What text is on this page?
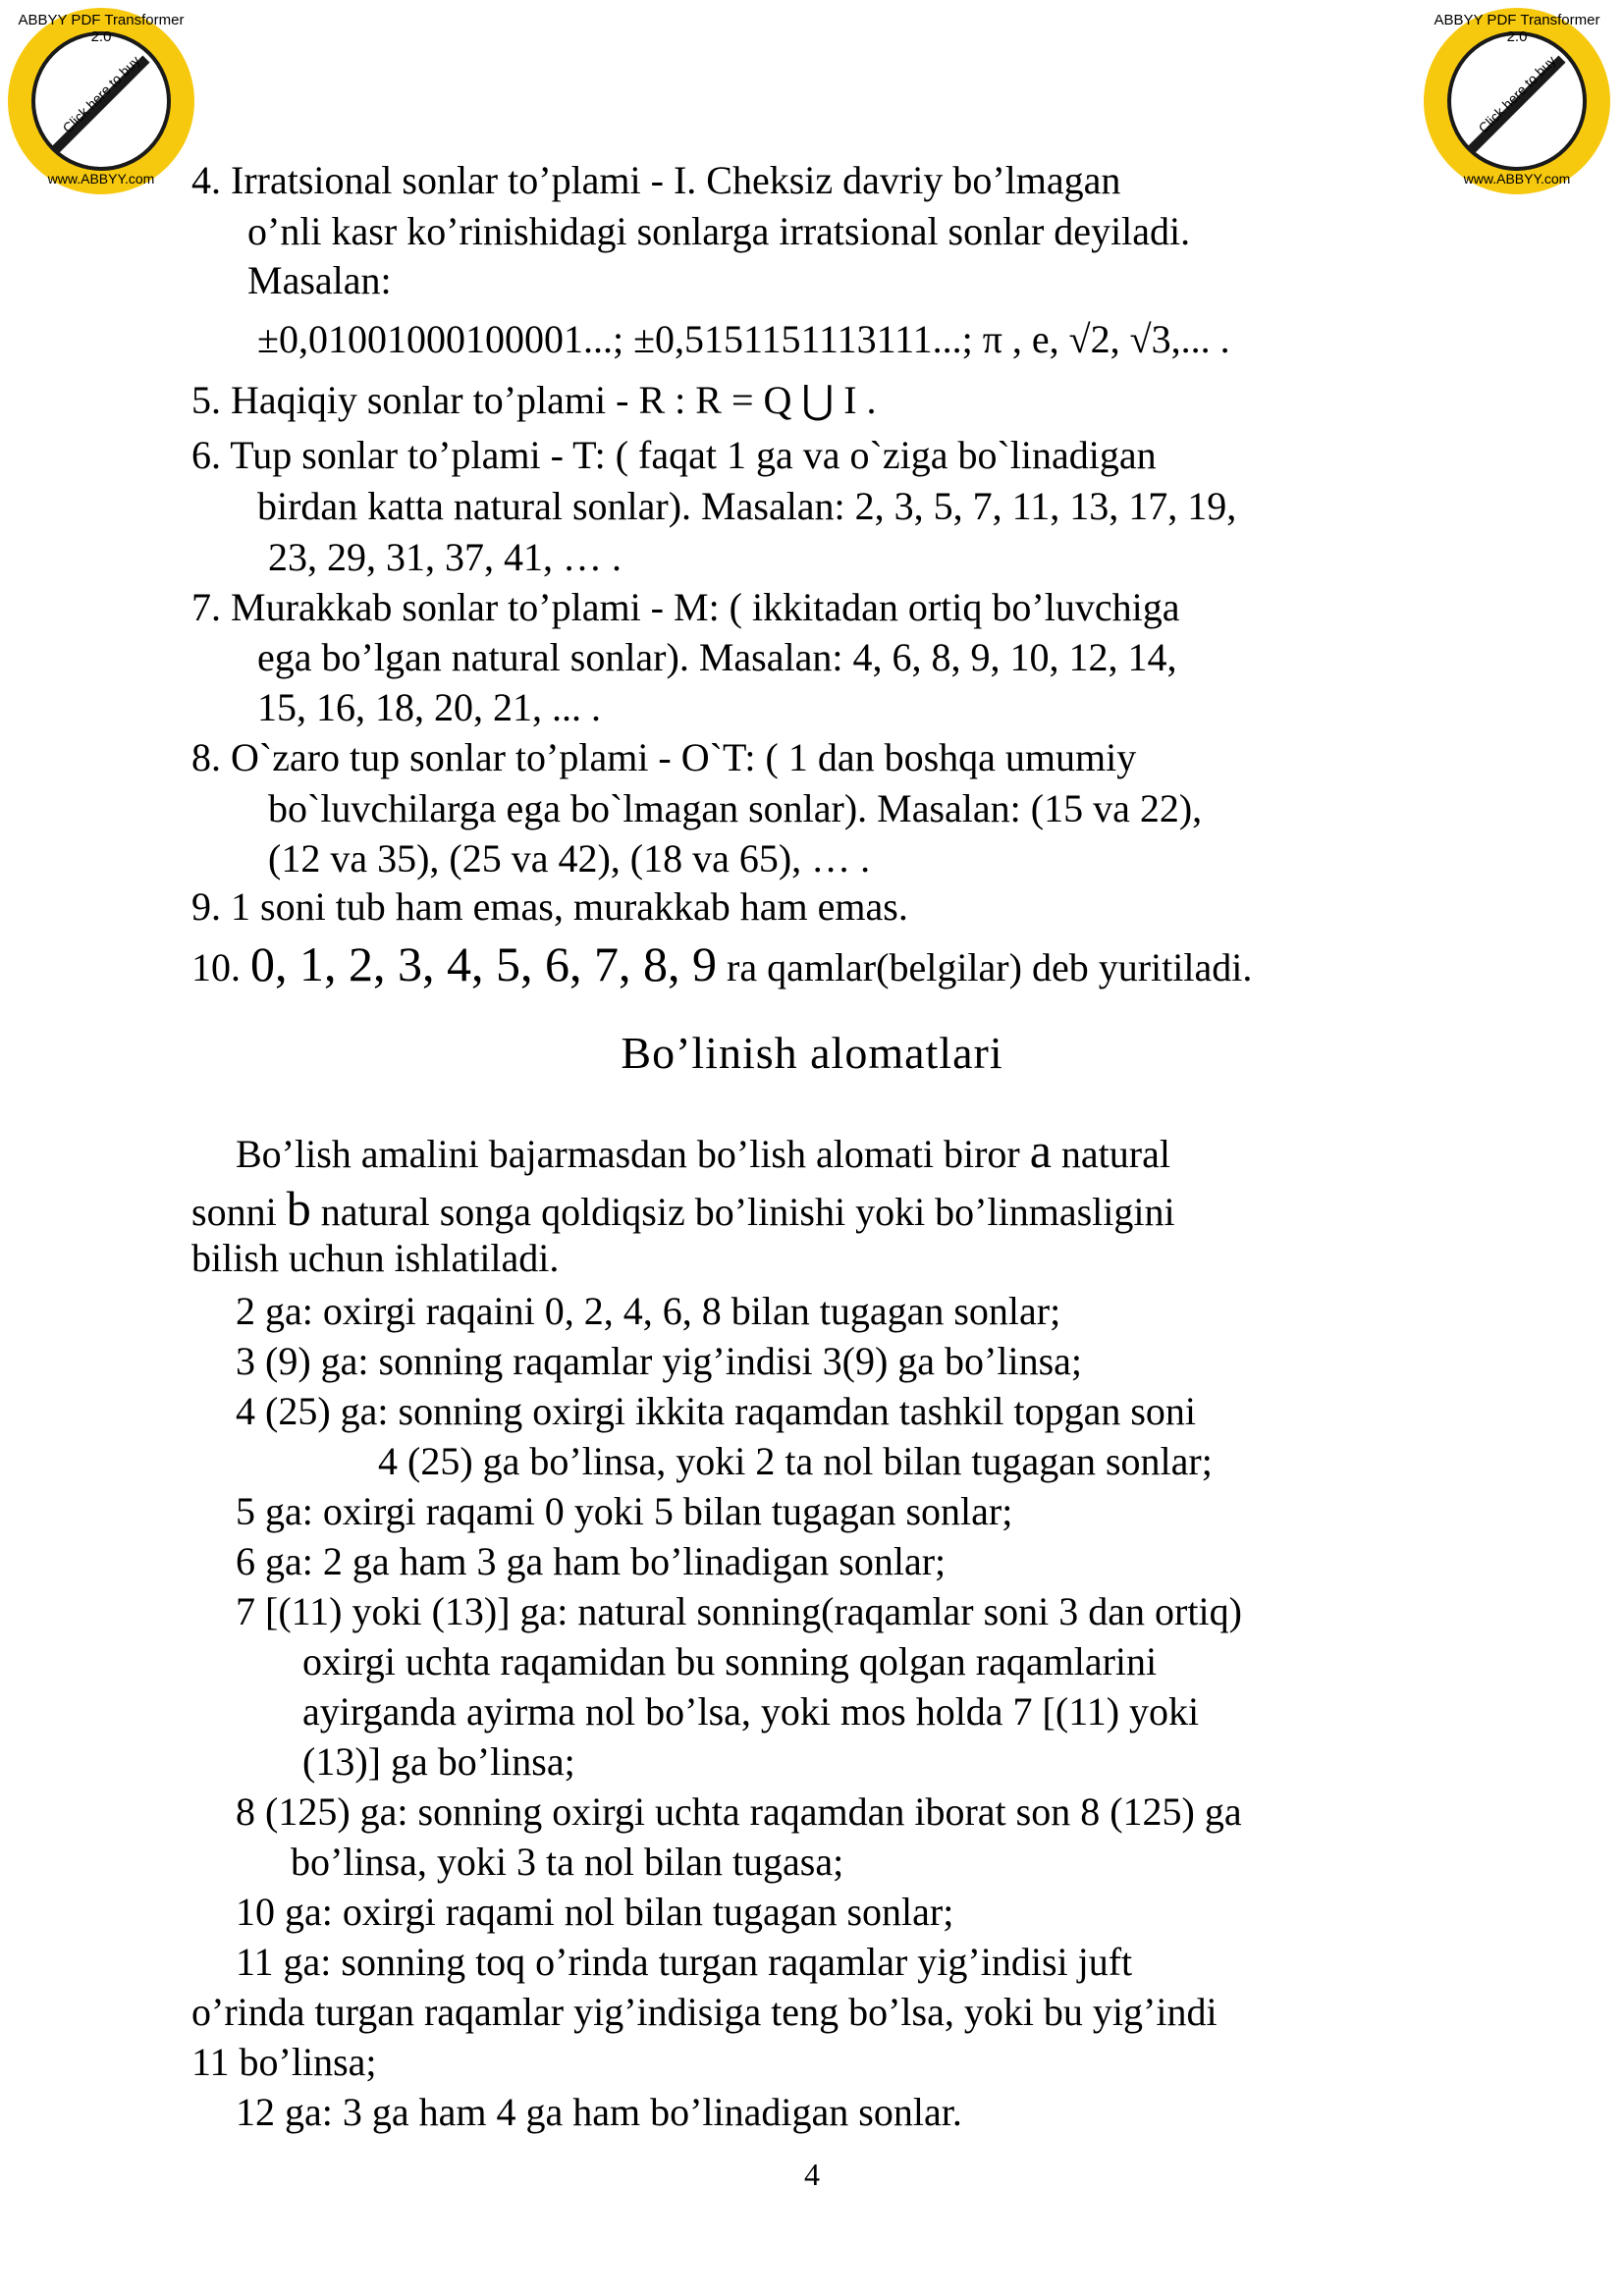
ABBYY PDF Transformer 2.0
Click here to buy
www.ABBYY.com
ABBYY PDF Transformer 2.0
Click here to buy
www.ABBYY.com
4. Irratsional sonlar to’plami - I. Cheksiz davriy bo’lmagan
o’nli kasr ko’rinishidagi sonlarga irratsional sonlar deyiladi.
Masalan:
±0,01001000100001...; ±0,5151151113111...; π , e, √2, √3,... .
5. Haqiqiy sonlar to’plami - R : R = Q ⋃ I .
6. Tup sonlar to’plami - T: ( faqat 1 ga va o`ziga bo`linadigan
birdan katta natural sonlar). Masalan: 2, 3, 5, 7, 11, 13, 17, 19,
23, 29, 31, 37, 41, … .
7. Murakkab sonlar to’plami - M: ( ikkitadan ortiq bo’luvchiga
ega bo’lgan natural sonlar). Masalan: 4, 6, 8, 9, 10, 12, 14,
15, 16, 18, 20, 21, ... .
8. O`zaro tup sonlar to’plami - O`T: ( 1 dan boshqa umumiy
bo`luvchilarga ega bo`lmagan sonlar). Masalan: (15 va 22),
(12 va 35), (25 va 42), (18 va 65), … .
9. 1 soni tub ham emas, murakkab ham emas.
10. 0, 1, 2, 3, 4, 5, 6, 7, 8, 9 ra qamlar(belgilar) deb yuritiladi.
Bo’linish alomatlari
Bo’lish amalini bajarmasdan bo’lish alomati biror a natural
sonni b natural songa qoldiqsiz bo’linishi yoki bo’linmasligini
bilish uchun ishlatiladi.
2 ga: oxirgi raqaini 0, 2, 4, 6, 8 bilan tugagan sonlar;
3 (9) ga: sonning raqamlar yig’indisi 3(9) ga bo’linsa;
4 (25) ga: sonning oxirgi ikkita raqamdan tashkil topgan soni
4 (25) ga bo’linsa, yoki 2 ta nol bilan tugagan sonlar;
5 ga: oxirgi raqami 0 yoki 5 bilan tugagan sonlar;
6 ga: 2 ga ham 3 ga ham bo’linadigan sonlar;
7 [(11) yoki (13)] ga: natural sonning(raqamlar soni 3 dan ortiq)
oxirgi uchta raqamidan bu sonning qolgan raqamlarini
ayirganda ayirma nol bo’lsa, yoki mos holda 7 [(11) yoki
(13)] ga bo’linsa;
8 (125) ga: sonning oxirgi uchta raqamdan iborat son 8 (125) ga
bo’linsa, yoki 3 ta nol bilan tugasa;
10 ga: oxirgi raqami nol bilan tugagan sonlar;
11 ga: sonning toq o’rinda turgan raqamlar yig’indisi juft
o’rinda turgan raqamlar yig’indisiga teng bo’lsa, yoki bu yig’indi
11 bo’linsa;
12 ga: 3 ga ham 4 ga ham bo’linadigan sonlar.
4
